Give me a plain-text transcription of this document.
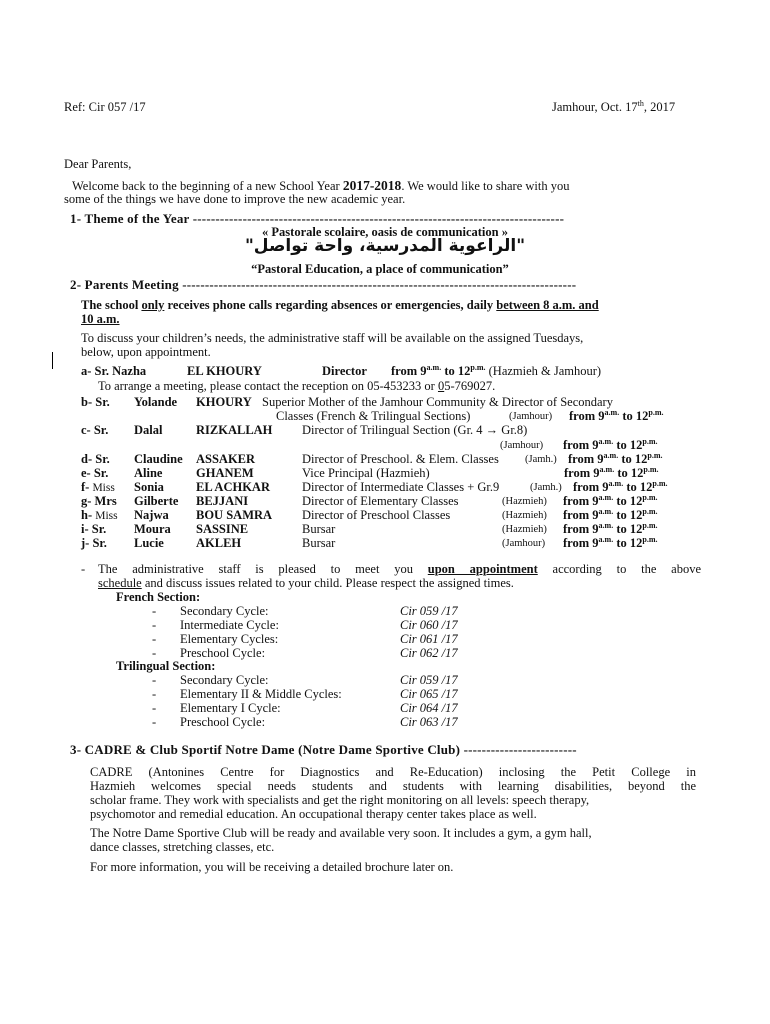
Ref: Cir 057 /17	Jamhour, Oct. 17th, 2017
Dear Parents,
Welcome back to the beginning of a new School Year 2017-2018. We would like to share with you
some of the things we have done to improve the new academic year.
1- Theme of the Year ----------------------------------------------------------------------------------
« Pastorale scolaire, oasis de communication »
"الراعوية المدرسية، واحة تواصل"
“Pastoral Education, a place of communication”
2- Parents Meeting ---------------------------------------------------------------------------------------
The school only receives phone calls regarding absences or emergencies, daily between 8 a.m. and
10 a.m.
To discuss your children’s needs, the administrative staff will be available on the assigned Tuesdays,
below, upon appointment.
a- Sr. Nazha	EL KHOURY	Director from $9^{a.m.}$ to $12^{p.m.}$ (Hazmieh & Jamhour)
To arrange a meeting, please contact the reception on 05-453233 or 05-769027.
b- Sr. Yolande KHOURY Superior Mother of the Jamhour Community & Director of Secondary
Classes (French & Trilingual Sections)	(Jamhour) from $9^{a.m.}$ to $12^{p.m.}$
c- Sr. Dalal	RIZKALLAH Director of Trilingual Section (Gr. 4 → Gr.8)
(Jamhour) from $9^{a.m.}$ to $12^{p.m.}$
d- Sr. Claudine ASSAKER	Director of Preschool. & Elem. Classes (Jamh.) from $9^{a.m.}$ to $12^{p.m.}$
e- Sr. Aline	GHANEM	Vice Principal (Hazmieh)	from $9^{a.m.}$ to $12^{p.m.}$
f- Miss Sonia	EL ACHKAR	Director of Intermediate Classes + Gr.9	(Jamh.) from $9^{a.m.}$ to $12^{p.m.}$
g- Mrs Gilberte BEJJANI	Director of Elementary Classes	(Hazmieh) from $9^{a.m.}$ to $12^{p.m.}$
h- Miss Najwa BOU SAMRA Director of Preschool Classes	(Hazmieh) from $9^{a.m.}$ to $12^{p.m.}$
i- Sr. Moura SASSINE	Bursar	(Hazmieh) from $9^{a.m.}$ to $12^{p.m.}$
j- Sr. Lucie	AKLEH	Bursar	(Jamhour) from $9^{a.m.}$ to $12^{p.m.}$
- The administrative staff is pleased to meet you upon appointment according to the above
schedule and discuss issues related to your child. Please respect the assigned times.
French Section:
- Secondary Cycle:	Cir 059 /17
- Intermediate Cycle:	Cir 060 /17
- Elementary Cycles:	Cir 061 /17
- Preschool Cycle:	Cir 062 /17
Trilingual Section:
- Secondary Cycle:	Cir 059 /17
- Elementary II & Middle Cycles:	Cir 065 /17
- Elementary I Cycle:	Cir 064 /17
- Preschool Cycle:	Cir 063 /17
3- CADRE & Club Sportif Notre Dame (Notre Dame Sportive Club) -------------------------
CADRE (Antonines Centre for Diagnostics and Re-Education) inclosing the Petit College in
Hazmieh welcomes special needs students and students with learning disabilities, beyond the
scholar frame. They work with specialists and get the right monitoring on all levels: speech therapy,
psychomotor and remedial education. An occupational therapy center takes place as well.
The Notre Dame Sportive Club will be ready and available very soon. It includes a gym, a gym hall,
dance classes, stretching classes, etc.
For more information, you will be receiving a detailed brochure later on.
